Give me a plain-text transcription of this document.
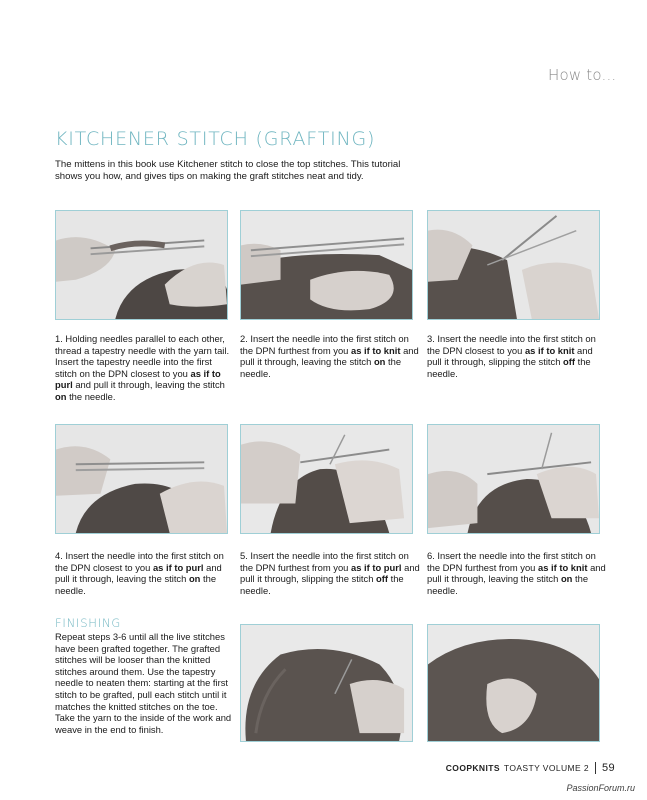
How to...
KITCHENER STITCH (GRAFTING)

The mittens in this book use Kitchener stitch to close the top stitches. This tutorial shows you how, and gives tips on making the graft stitches neat and tidy.

1. Holding needles parallel to each other, thread a tapestry needle with the yarn tail. Insert the tapestry needle into the first stitch on the DPN closest to you as if to purl and pull it through, leaving the stitch on the needle.
2. Insert the needle into the first stitch on the DPN furthest from you as if to knit and pull it through, leaving the stitch on the needle.
3. Insert the needle into the first stitch on the DPN closest to you as if to knit and pull it through, slipping the stitch off the needle.
4. Insert the needle into the first stitch on the DPN closest to you as if to purl and pull it through, leaving the stitch on the needle.
5. Insert the needle into the first stitch on the DPN furthest from you as if to purl and pull it through, slipping the stitch off the needle.
6. Insert the needle into the first stitch on the DPN furthest from you as if to knit and pull it through, leaving the stitch on the needle.
FINISHING

Repeat steps 3-6 until all the live stitches have been grafted together. The grafted stitches will be looser than the knitted stitches around them. Use the tapestry needle to neaten them: starting at the first stitch to be grafted, pull each stitch until it matches the knitted stitches on the toe. Take the yarn to the inside of the work and weave in the end to finish.

COOPKNITS TOASTY VOLUME 2 59
PassionForum.ru
